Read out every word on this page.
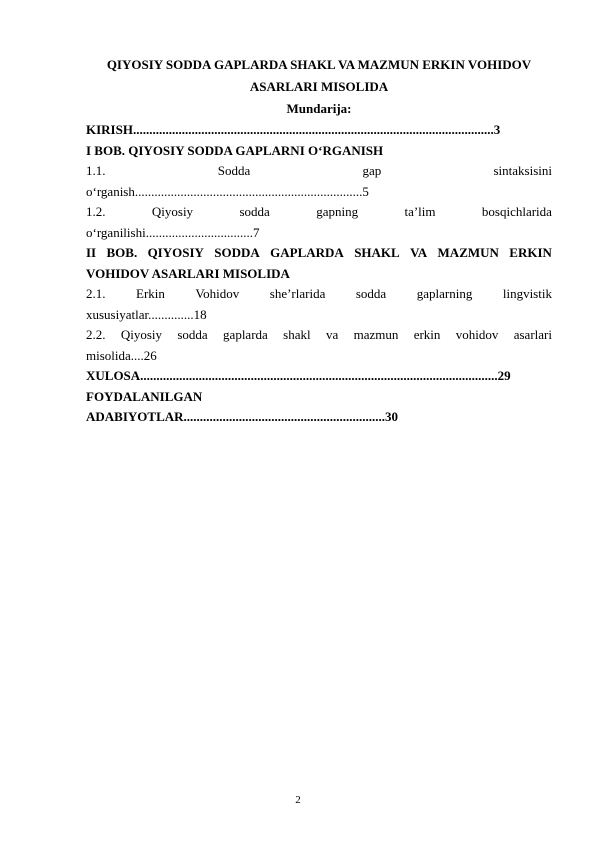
QIYOSIY SODDA GAPLARDA SHAKL VA MAZMUN ERKIN VOHIDOV
ASARLARI MISOLIDA
Mundarija:
KIRISH...............................................................................................................3
I BOB. QIYOSIY SODDA GAPLARNI O‘RGANISH
1.1.	Sodda	gap	sintaksisini
o‘rganish......................................................................5
1.2.	Qiyosiy	sodda	gapning	ta’lim	bosqichlarida
o‘rganilishi.................................7
II BOB. QIYOSIY SODDA GAPLARDA SHAKL VA MAZMUN ERKIN
VOHIDOV ASARLARI MISOLIDA
2.1. Erkin Vohidov she’rlarida sodda gaplarning lingvistik
xususiyatlar..............18
2.2. Qiyosiy sodda gaplarda shakl va mazmun erkin vohidov asarlari
misolida....26
XULOSA..............................................................................................................29
FOYDALANILGAN
ADABIYOTLAR..............................................................30
2
